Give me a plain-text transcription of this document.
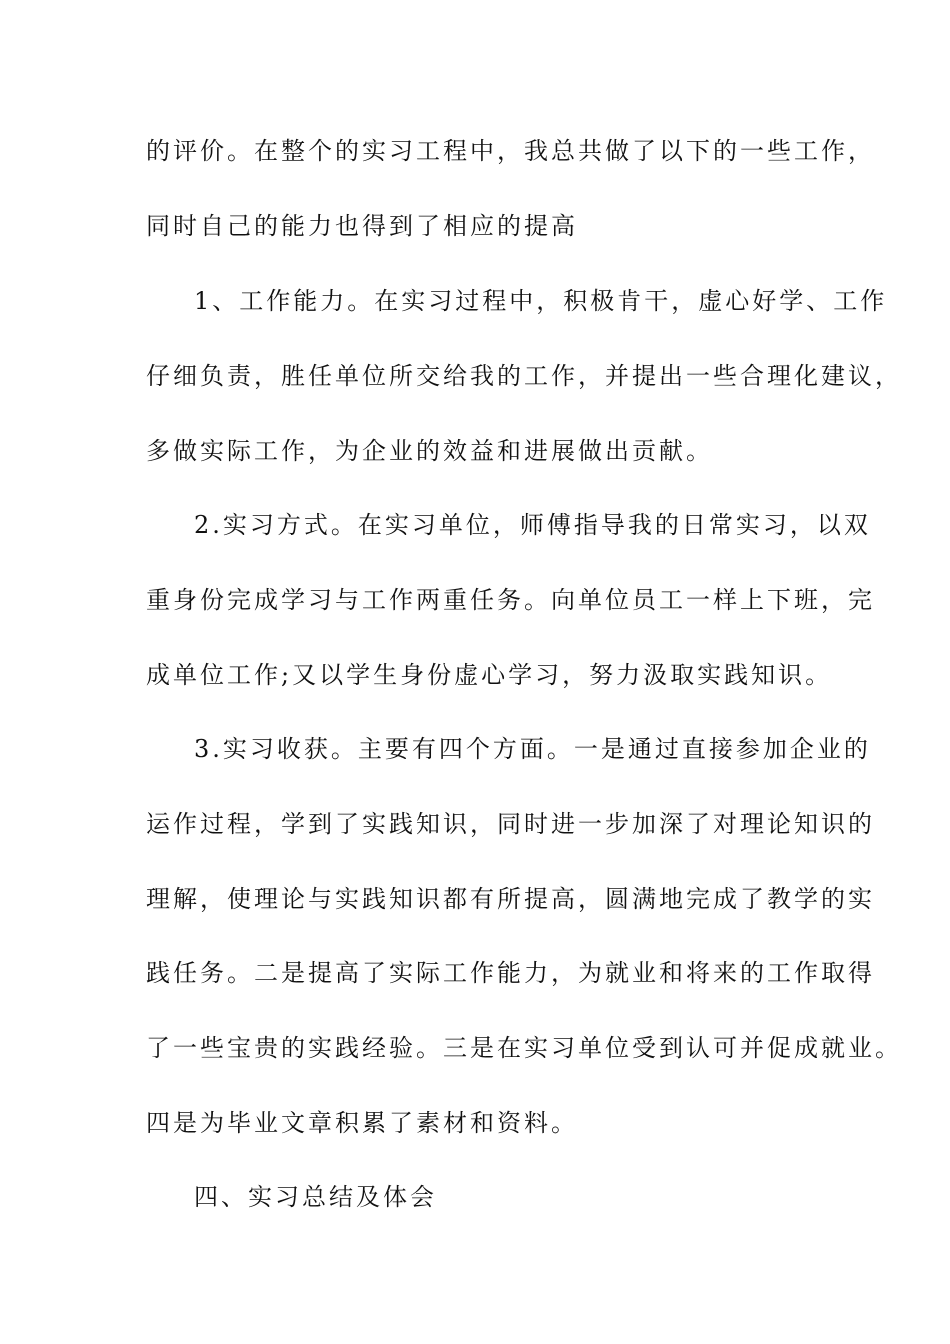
的评价。在整个的实习工程中，我总共做了以下的一些工作，
同时自己的能力也得到了相应的提高
1、工作能力。在实习过程中，积极肯干，虚心好学、工作
仔细负责，胜任单位所交给我的工作，并提出一些合理化建议，
多做实际工作，为企业的效益和进展做出贡献。
2.实习方式。在实习单位，师傅指导我的日常实习，以双
重身份完成学习与工作两重任务。向单位员工一样上下班，完
成单位工作;又以学生身份虚心学习，努力汲取实践知识。
3.实习收获。主要有四个方面。一是通过直接参加企业的
运作过程，学到了实践知识，同时进一步加深了对理论知识的
理解，使理论与实践知识都有所提高，圆满地完成了教学的实
践任务。二是提高了实际工作能力，为就业和将来的工作取得
了一些宝贵的实践经验。三是在实习单位受到认可并促成就业。
四是为毕业文章积累了素材和资料。
四、实习总结及体会
